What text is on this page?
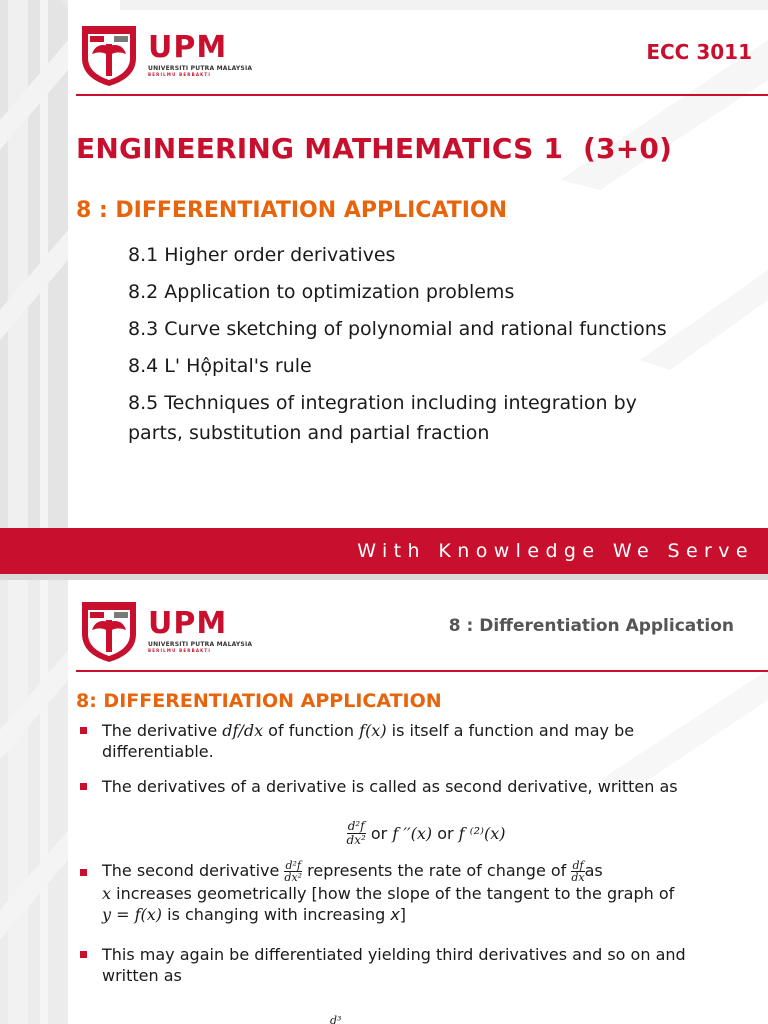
UPM
UNIVERSITI PUTRA MALAYSIA
BERILMU BERBAKTI
ECC 3011
ENGINEERING MATHEMATICS 1  (3+0)
8 : DIFFERENTIATION APPLICATION
8.1 Higher order derivatives
8.2 Application to optimization problems
8.3 Curve sketching of polynomial and rational functions
8.4 L' Hộpital's rule
8.5 Techniques of integration including integration by
parts, substitution and partial fraction
With Knowledge We Serve
UPM
UNIVERSITI PUTRA MALAYSIA
BERILMU BERBAKTI
8 : Differentiation Application
8: DIFFERENTIATION APPLICATION
The derivative df/dx of function f(x) is itself a function and may be
differentiable.
The derivatives of a derivative is called as second derivative, written as
d²f
dx² or f ′′(x) or f ⁽²⁾(x)
The second derivative $\frac{\text{d²f}}{\text{dx²}}$ represents the rate of change of $\frac{df}{dx}$ as
x increases geometrically [how the slope of the tangent to the graph of
y = f(x) is changing with increasing x]
This may again be differentiated yielding third derivatives and so on and
written as
d³
